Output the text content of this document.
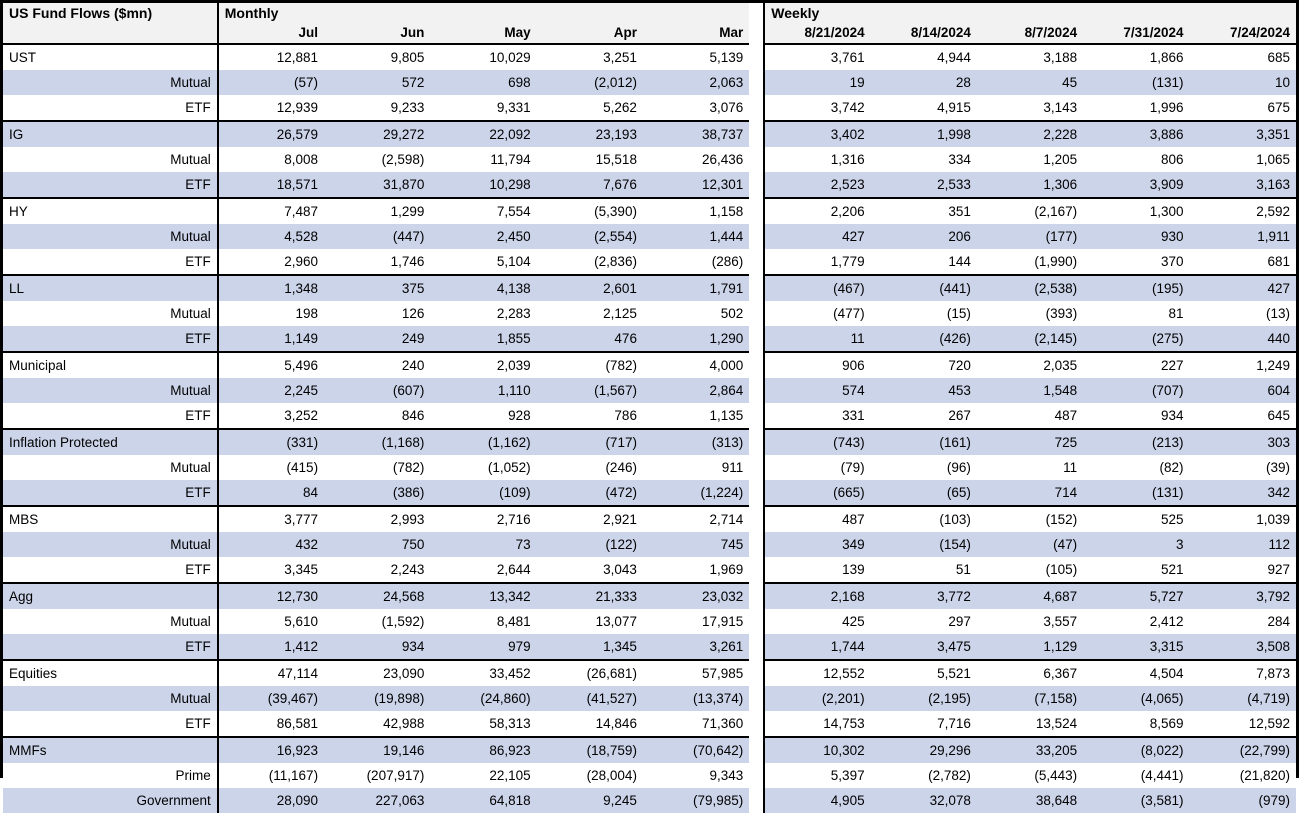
US Fund Flows ($mn)	Monthly						Weekly				
	Jul	Jun	May	Apr	Mar		8/21/2024	8/14/2024	8/7/2024	7/31/2024	7/24/2024
UST	12,881	9,805	10,029	3,251	5,139		3,761	4,944	3,188	1,866	685
Mutual	(57)	572	698	(2,012)	2,063		19	28	45	(131)	10
ETF	12,939	9,233	9,331	5,262	3,076		3,742	4,915	3,143	1,996	675
IG	26,579	29,272	22,092	23,193	38,737		3,402	1,998	2,228	3,886	3,351
Mutual	8,008	(2,598)	11,794	15,518	26,436		1,316	334	1,205	806	1,065
ETF	18,571	31,870	10,298	7,676	12,301		2,523	2,533	1,306	3,909	3,163
HY	7,487	1,299	7,554	(5,390)	1,158		2,206	351	(2,167)	1,300	2,592
Mutual	4,528	(447)	2,450	(2,554)	1,444		427	206	(177)	930	1,911
ETF	2,960	1,746	5,104	(2,836)	(286)		1,779	144	(1,990)	370	681
LL	1,348	375	4,138	2,601	1,791		(467)	(441)	(2,538)	(195)	427
Mutual	198	126	2,283	2,125	502		(477)	(15)	(393)	81	(13)
ETF	1,149	249	1,855	476	1,290		11	(426)	(2,145)	(275)	440
Municipal	5,496	240	2,039	(782)	4,000		906	720	2,035	227	1,249
Mutual	2,245	(607)	1,110	(1,567)	2,864		574	453	1,548	(707)	604
ETF	3,252	846	928	786	1,135		331	267	487	934	645
Inflation Protected	(331)	(1,168)	(1,162)	(717)	(313)		(743)	(161)	725	(213)	303
Mutual	(415)	(782)	(1,052)	(246)	911		(79)	(96)	11	(82)	(39)
ETF	84	(386)	(109)	(472)	(1,224)		(665)	(65)	714	(131)	342
MBS	3,777	2,993	2,716	2,921	2,714		487	(103)	(152)	525	1,039
Mutual	432	750	73	(122)	745		349	(154)	(47)	3	112
ETF	3,345	2,243	2,644	3,043	1,969		139	51	(105)	521	927
Agg	12,730	24,568	13,342	21,333	23,032		2,168	3,772	4,687	5,727	3,792
Mutual	5,610	(1,592)	8,481	13,077	17,915		425	297	3,557	2,412	284
ETF	1,412	934	979	1,345	3,261		1,744	3,475	1,129	3,315	3,508
Equities	47,114	23,090	33,452	(26,681)	57,985		12,552	5,521	6,367	4,504	7,873
Mutual	(39,467)	(19,898)	(24,860)	(41,527)	(13,374)		(2,201)	(2,195)	(7,158)	(4,065)	(4,719)
ETF	86,581	42,988	58,313	14,846	71,360		14,753	7,716	13,524	8,569	12,592
MMFs	16,923	19,146	86,923	(18,759)	(70,642)		10,302	29,296	33,205	(8,022)	(22,799)
Prime	(11,167)	(207,917)	22,105	(28,004)	9,343		5,397	(2,782)	(5,443)	(4,441)	(21,820)
Government	28,090	227,063	64,818	9,245	(79,985)		4,905	32,078	38,648	(3,581)	(979)
